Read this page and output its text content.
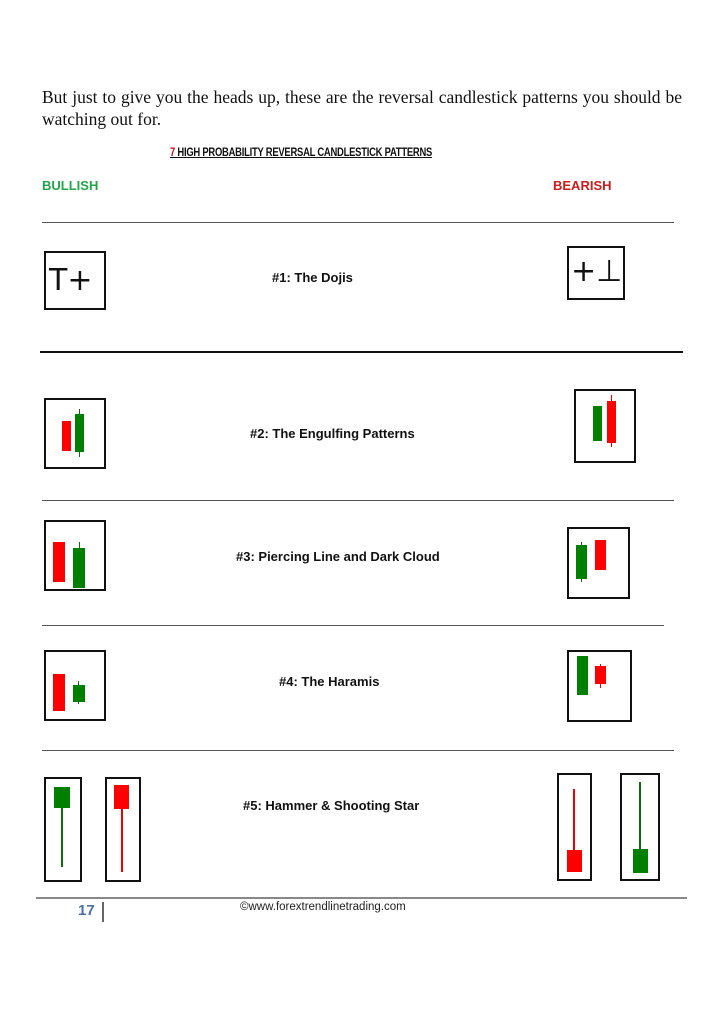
But just to give you the heads up, these are the reversal candlestick patterns you should be watching out for.
7 HIGH PROBABILITY REVERSAL CANDLESTICK PATTERNS
BULLISH	BEARISH
T+	#1: The Dojis	+⊥
#2: The Engulfing Patterns
#3: Piercing Line and Dark Cloud
#4: The Haramis
#5: Hammer & Shooting Star
17	©www.forextrendlinetrading.com
